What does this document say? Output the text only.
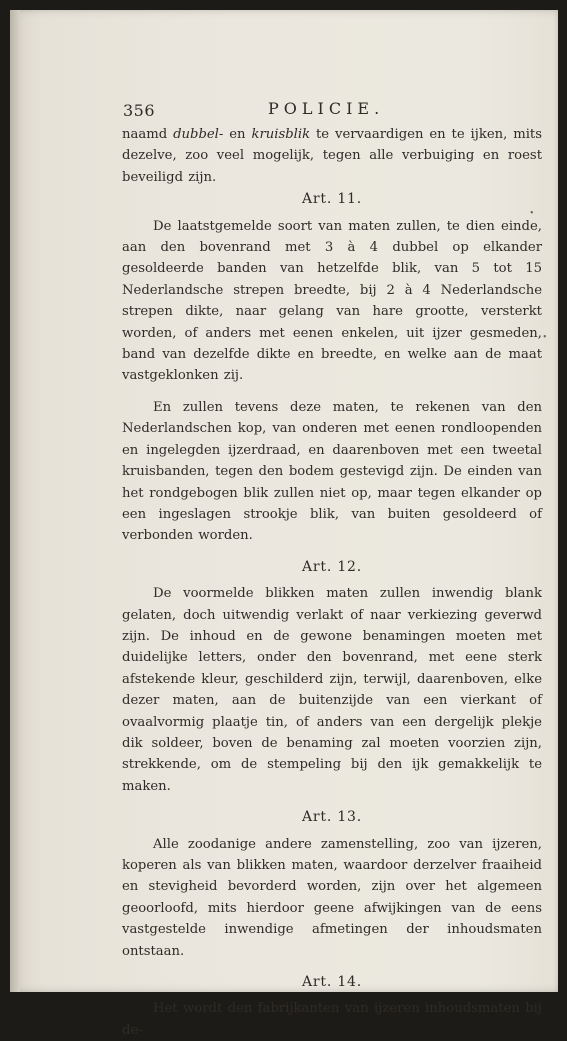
356	POLICIE.

naamd dubbel- en kruisblik te vervaardigen en te ijken, mits dezelve, zoo veel mogelijk, tegen alle verbuiging en roest beveiligd zijn.

Art. 11.

De laatstgemelde soort van maten zullen, te dien einde, aan den bovenrand met 3 à 4 dubbel op elkander gesoldeerde banden van hetzelfde blik, van 5 tot 15 Nederlandsche strepen breedte, bij 2 à 4 Nederlandsche strepen dikte, naar gelang van hare grootte, versterkt worden, of anders met eenen enkelen, uit ijzer gesmeden, band van dezelfde dikte en breedte, en welke aan de maat vastgeklonken zij.

En zullen tevens deze maten, te rekenen van den Nederlandschen kop, van onderen met eenen rondloopenden en ingelegden ijzerdraad, en daarenboven met een tweetal kruisbanden, tegen den bodem gestevigd zijn. De einden van het rondgebogen blik zullen niet op, maar tegen elkander op een ingeslagen strookje blik, van buiten gesoldeerd of verbonden worden.

Art. 12.

De voormelde blikken maten zullen inwendig blank gelaten, doch uitwendig verlakt of naar verkiezing geverwd zijn. De inhoud en de gewone benamingen moeten met duidelijke letters, onder den bovenrand, met eene sterk afstekende kleur, geschilderd zijn, terwijl, daarenboven, elke dezer maten, aan de buitenzijde van een vierkant of ovaalvormig plaatje tin, of anders van een dergelijk plekje dik soldeer, boven de benaming zal moeten voorzien zijn, strekkende, om de stempeling bij den ijk gemakkelijk te maken.

Art. 13.

Alle zoodanige andere zamenstelling, zoo van ijzeren, koperen als van blikken maten, waardoor derzelver fraaiheid en stevigheid bevorderd worden, zijn over het algemeen geoorloofd, mits hierdoor geene afwijkingen van de eens vastgestelde inwendige afmetingen der inhoudsmaten ontstaan.

Art. 14.

Het wordt den fabrijkanten van ijzeren inhoudsmaten bij de-

•
•
